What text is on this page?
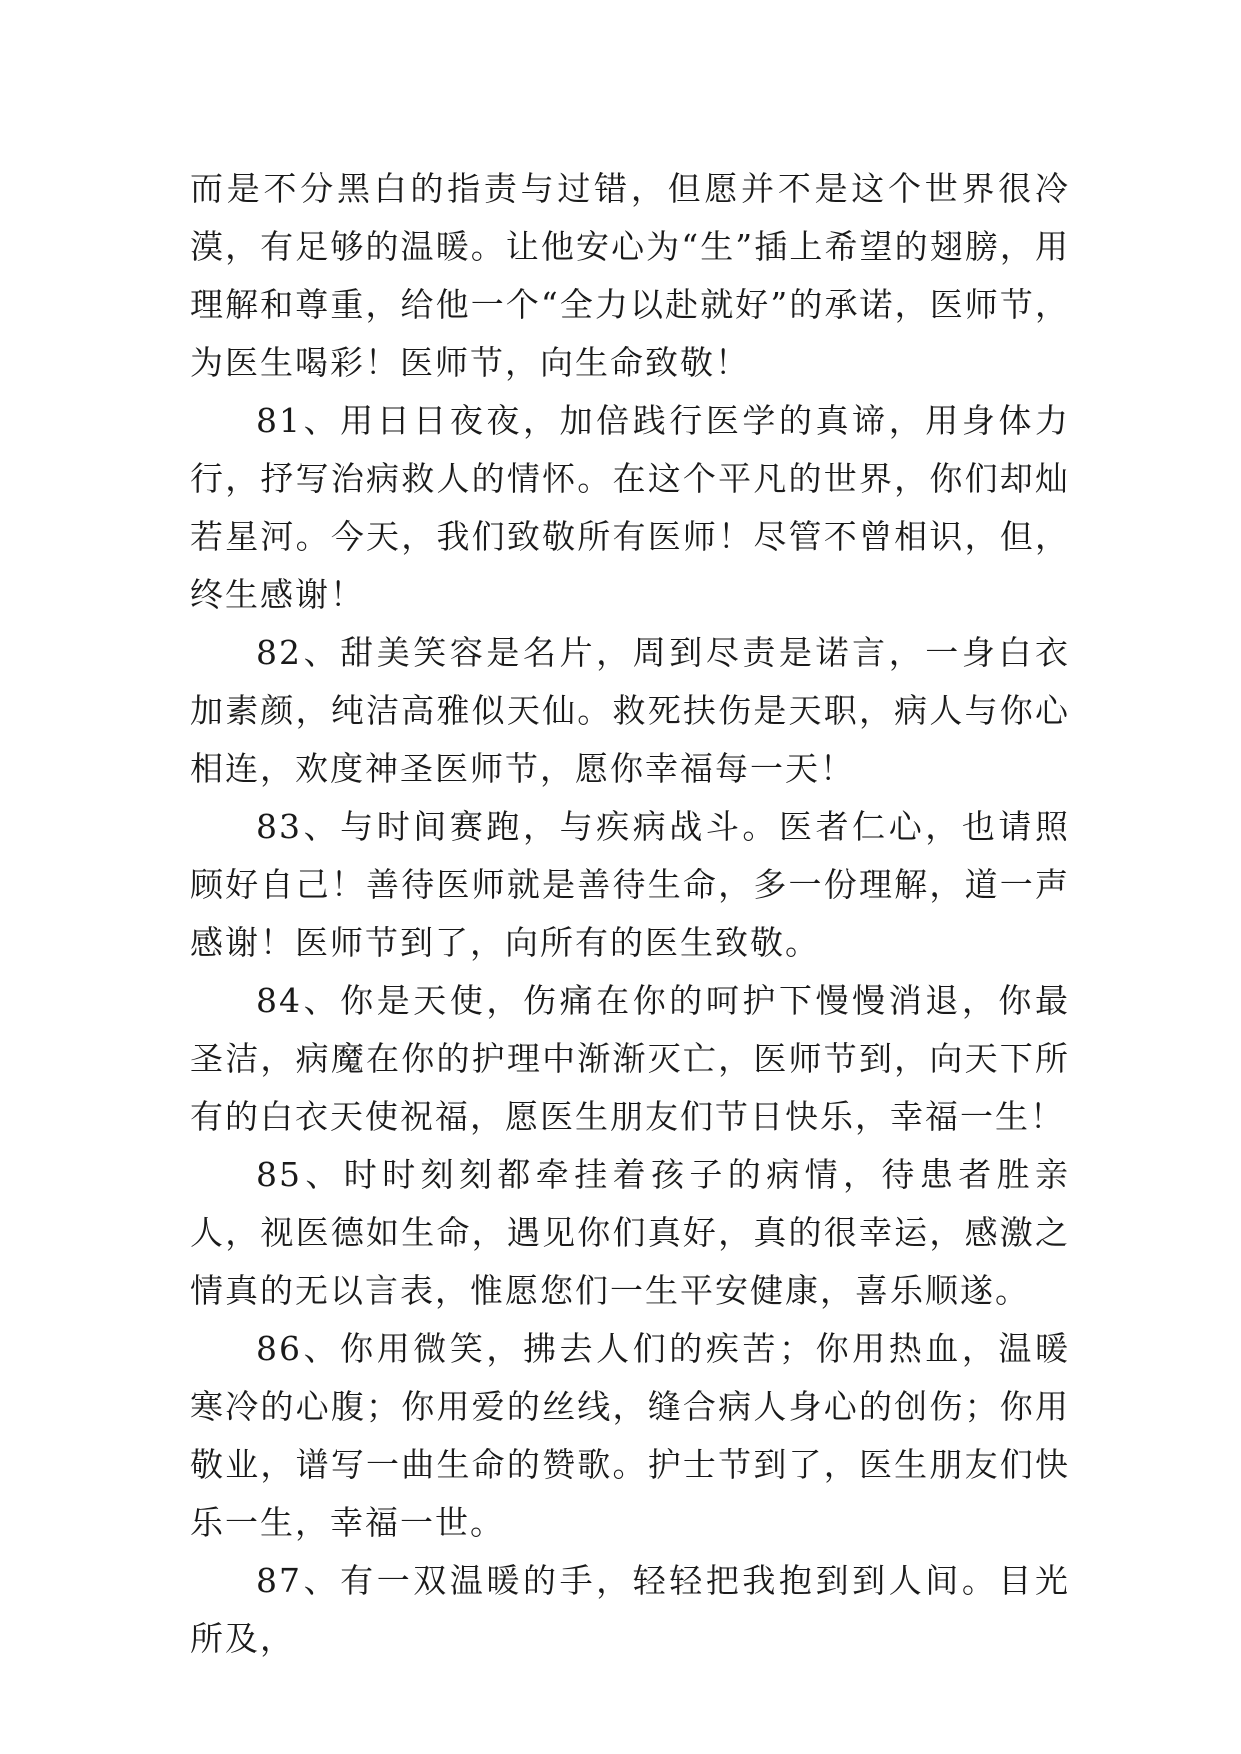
而是不分黑白的指责与过错，但愿并不是这个世界很冷漠，有足够的温暖。让他安心为“生”插上希望的翅膀，用理解和尊重，给他一个“全力以赴就好”的承诺，医师节，为医生喝彩！医师节，向生命致敬！

81、用日日夜夜，加倍践行医学的真谛，用身体力行，抒写治病救人的情怀。在这个平凡的世界，你们却灿若星河。今天，我们致敬所有医师！尽管不曾相识，但，终生感谢！

82、甜美笑容是名片，周到尽责是诺言，一身白衣加素颜，纯洁高雅似天仙。救死扶伤是天职，病人与你心相连，欢度神圣医师节，愿你幸福每一天！

83、与时间赛跑，与疾病战斗。医者仁心，也请照顾好自己！善待医师就是善待生命，多一份理解，道一声感谢！医师节到了，向所有的医生致敬。

84、你是天使，伤痛在你的呵护下慢慢消退，你最圣洁，病魔在你的护理中渐渐灭亡，医师节到，向天下所有的白衣天使祝福，愿医生朋友们节日快乐，幸福一生！

85、时时刻刻都牵挂着孩子的病情，待患者胜亲人，视医德如生命，遇见你们真好，真的很幸运，感激之情真的无以言表，惟愿您们一生平安健康，喜乐顺遂。

86、你用微笑，拂去人们的疾苦；你用热血，温暖寒冷的心腹；你用爱的丝线，缝合病人身心的创伤；你用敬业，谱写一曲生命的赞歌。护士节到了，医生朋友们快乐一生，幸福一世。

87、有一双温暖的手，轻轻把我抱到到人间。目光所及，
